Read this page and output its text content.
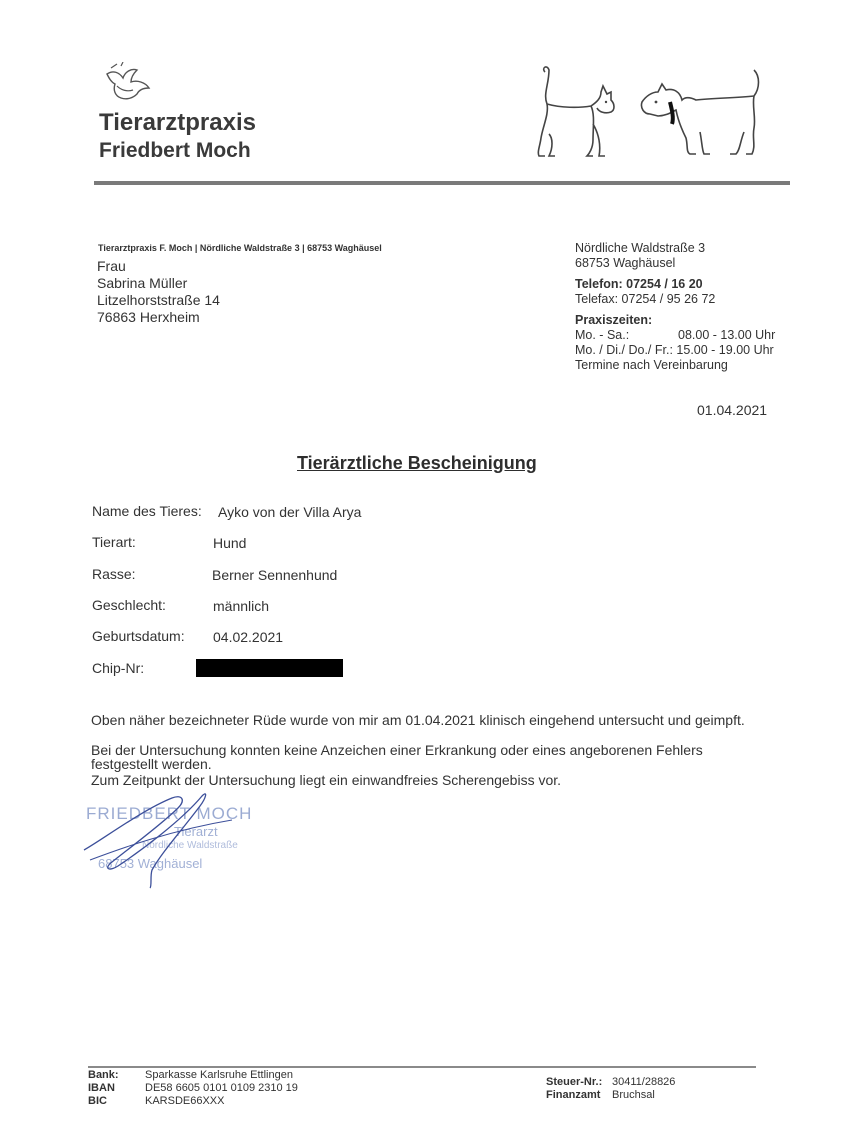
Tierarztpraxis
Friedbert Moch
Tierarztpraxis F. Moch | Nördliche Waldstraße 3 | 68753 Waghäusel
Frau
Sabrina Müller
Litzelhorststraße 14
76863 Herxheim
Nördliche Waldstraße 3
68753 Waghäusel
Telefon: 07254 / 16 20
Telefax: 07254 / 95 26 72
Praxiszeiten:
Mo. - Sa.:	08.00 - 13.00 Uhr
Mo. / Di./ Do./ Fr.: 15.00 - 19.00 Uhr
Termine nach Vereinbarung
01.04.2021
Tierärztliche Bescheinigung
Name des Tieres: Ayko von der Villa Arya
Tierart:	Hund
Rasse:	Berner Sennenhund
Geschlecht:	männlich
Geburtsdatum: 04.02.2021
Chip-Nr:
Oben näher bezeichneter Rüde wurde von mir am 01.04.2021 klinisch eingehend untersucht und geimpft.
Bei der Untersuchung konnten keine Anzeichen einer Erkrankung oder eines angeborenen Fehlers
festgestellt werden.
Zum Zeitpunkt der Untersuchung liegt ein einwandfreies Scherengebiss vor.
FRIEDBERT MOCH
Tierarzt
Nördliche Waldstraße
68753 Waghäusel
Bank: Sparkasse Karlsruhe Ettlingen
IBAN	DE58 6605 0101 0109 2310 19
BIC	KARSDE66XXX
Steuer-Nr.: 30411/28826
Finanzamt Bruchsal
